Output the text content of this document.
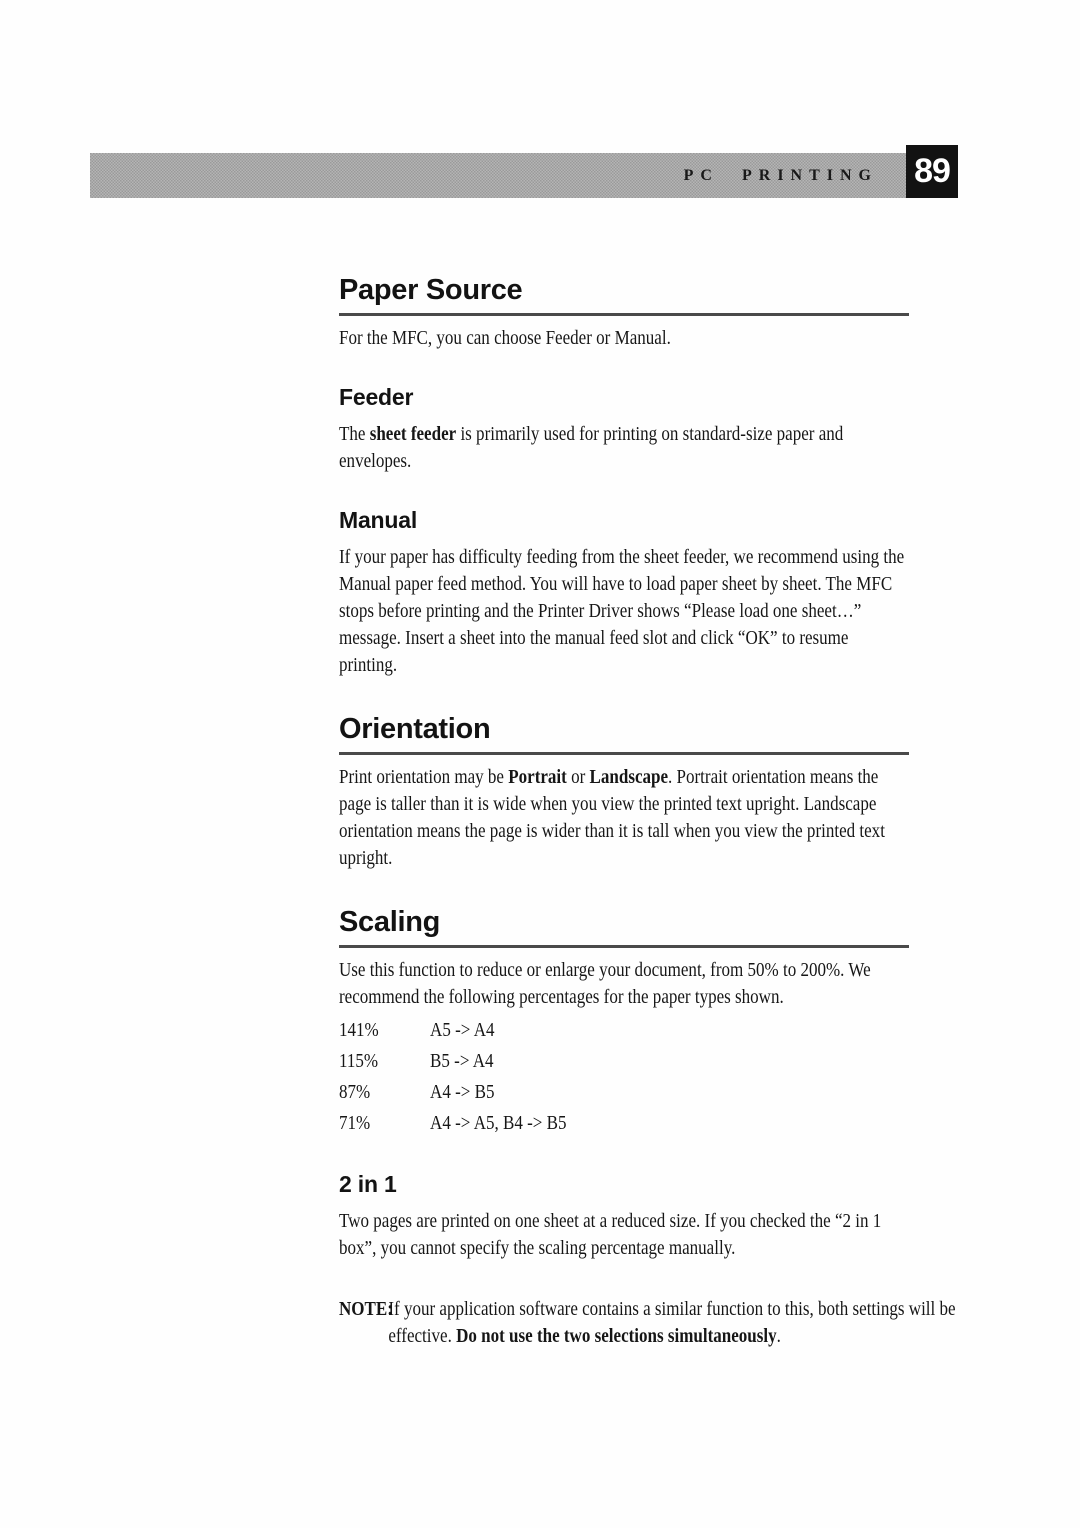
PC PRINTING 89
Paper Source

For the MFC, you can choose Feeder or Manual.

Feeder

The sheet feeder is primarily used for printing on standard-size paper and envelopes.

Manual

If your paper has difficulty feeding from the sheet feeder, we recommend using the Manual paper feed method. You will have to load paper sheet by sheet. The MFC stops before printing and the Printer Driver shows “Please load one sheet…” message. Insert a sheet into the manual feed slot and click “OK” to resume printing.

Orientation

Print orientation may be Portrait or Landscape. Portrait orientation means the page is taller than it is wide when you view the printed text upright. Landscape orientation means the page is wider than it is tall when you view the printed text upright.

Scaling

Use this function to reduce or enlarge your document, from 50% to 200%. We recommend the following percentages for the paper types shown.

141%	A5 -> A4
115%	B5 -> A4
87%	A4 -> B5
71%	A4 -> A5, B4 -> B5
2 in 1

Two pages are printed on one sheet at a reduced size. If you checked the “2 in 1 box”, you cannot specify the scaling percentage manually.

NOTE:

If your application software contains a similar function to this, both settings will be effective. Do not use the two selections simultaneously.
